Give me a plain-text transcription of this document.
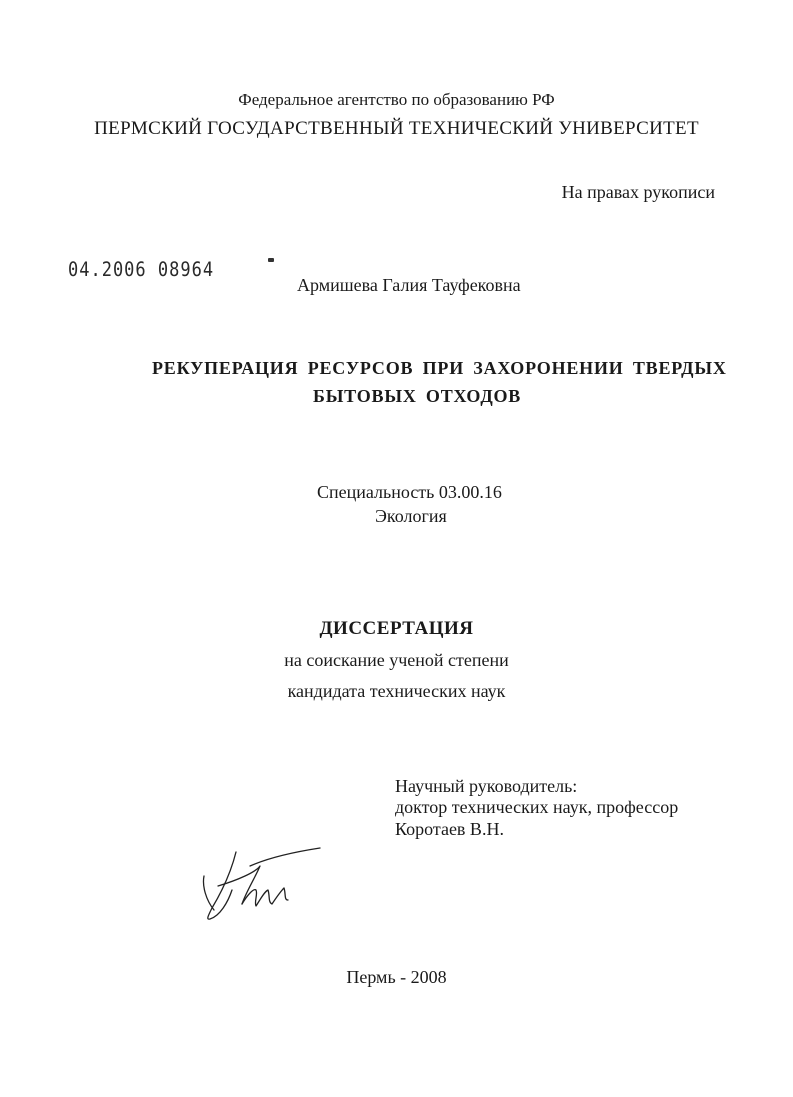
Федеральное агентство по образованию РФ
ПЕРМСКИЙ ГОСУДАРСТВЕННЫЙ ТЕХНИЧЕСКИЙ УНИВЕРСИТЕТ
На правах рукописи
04.2006 08964
Армишева Галия Тауфековна
РЕКУПЕРАЦИЯ РЕСУРСОВ ПРИ ЗАХОРОНЕНИИ ТВЕРДЫХ
БЫТОВЫХ ОТХОДОВ
Специальность 03.00.16
Экология
ДИССЕРТАЦИЯ
на соискание ученой степени
кандидата технических наук
Научный руководитель:
доктор технических наук, профессор
Коротаев В.Н.
Пермь - 2008
